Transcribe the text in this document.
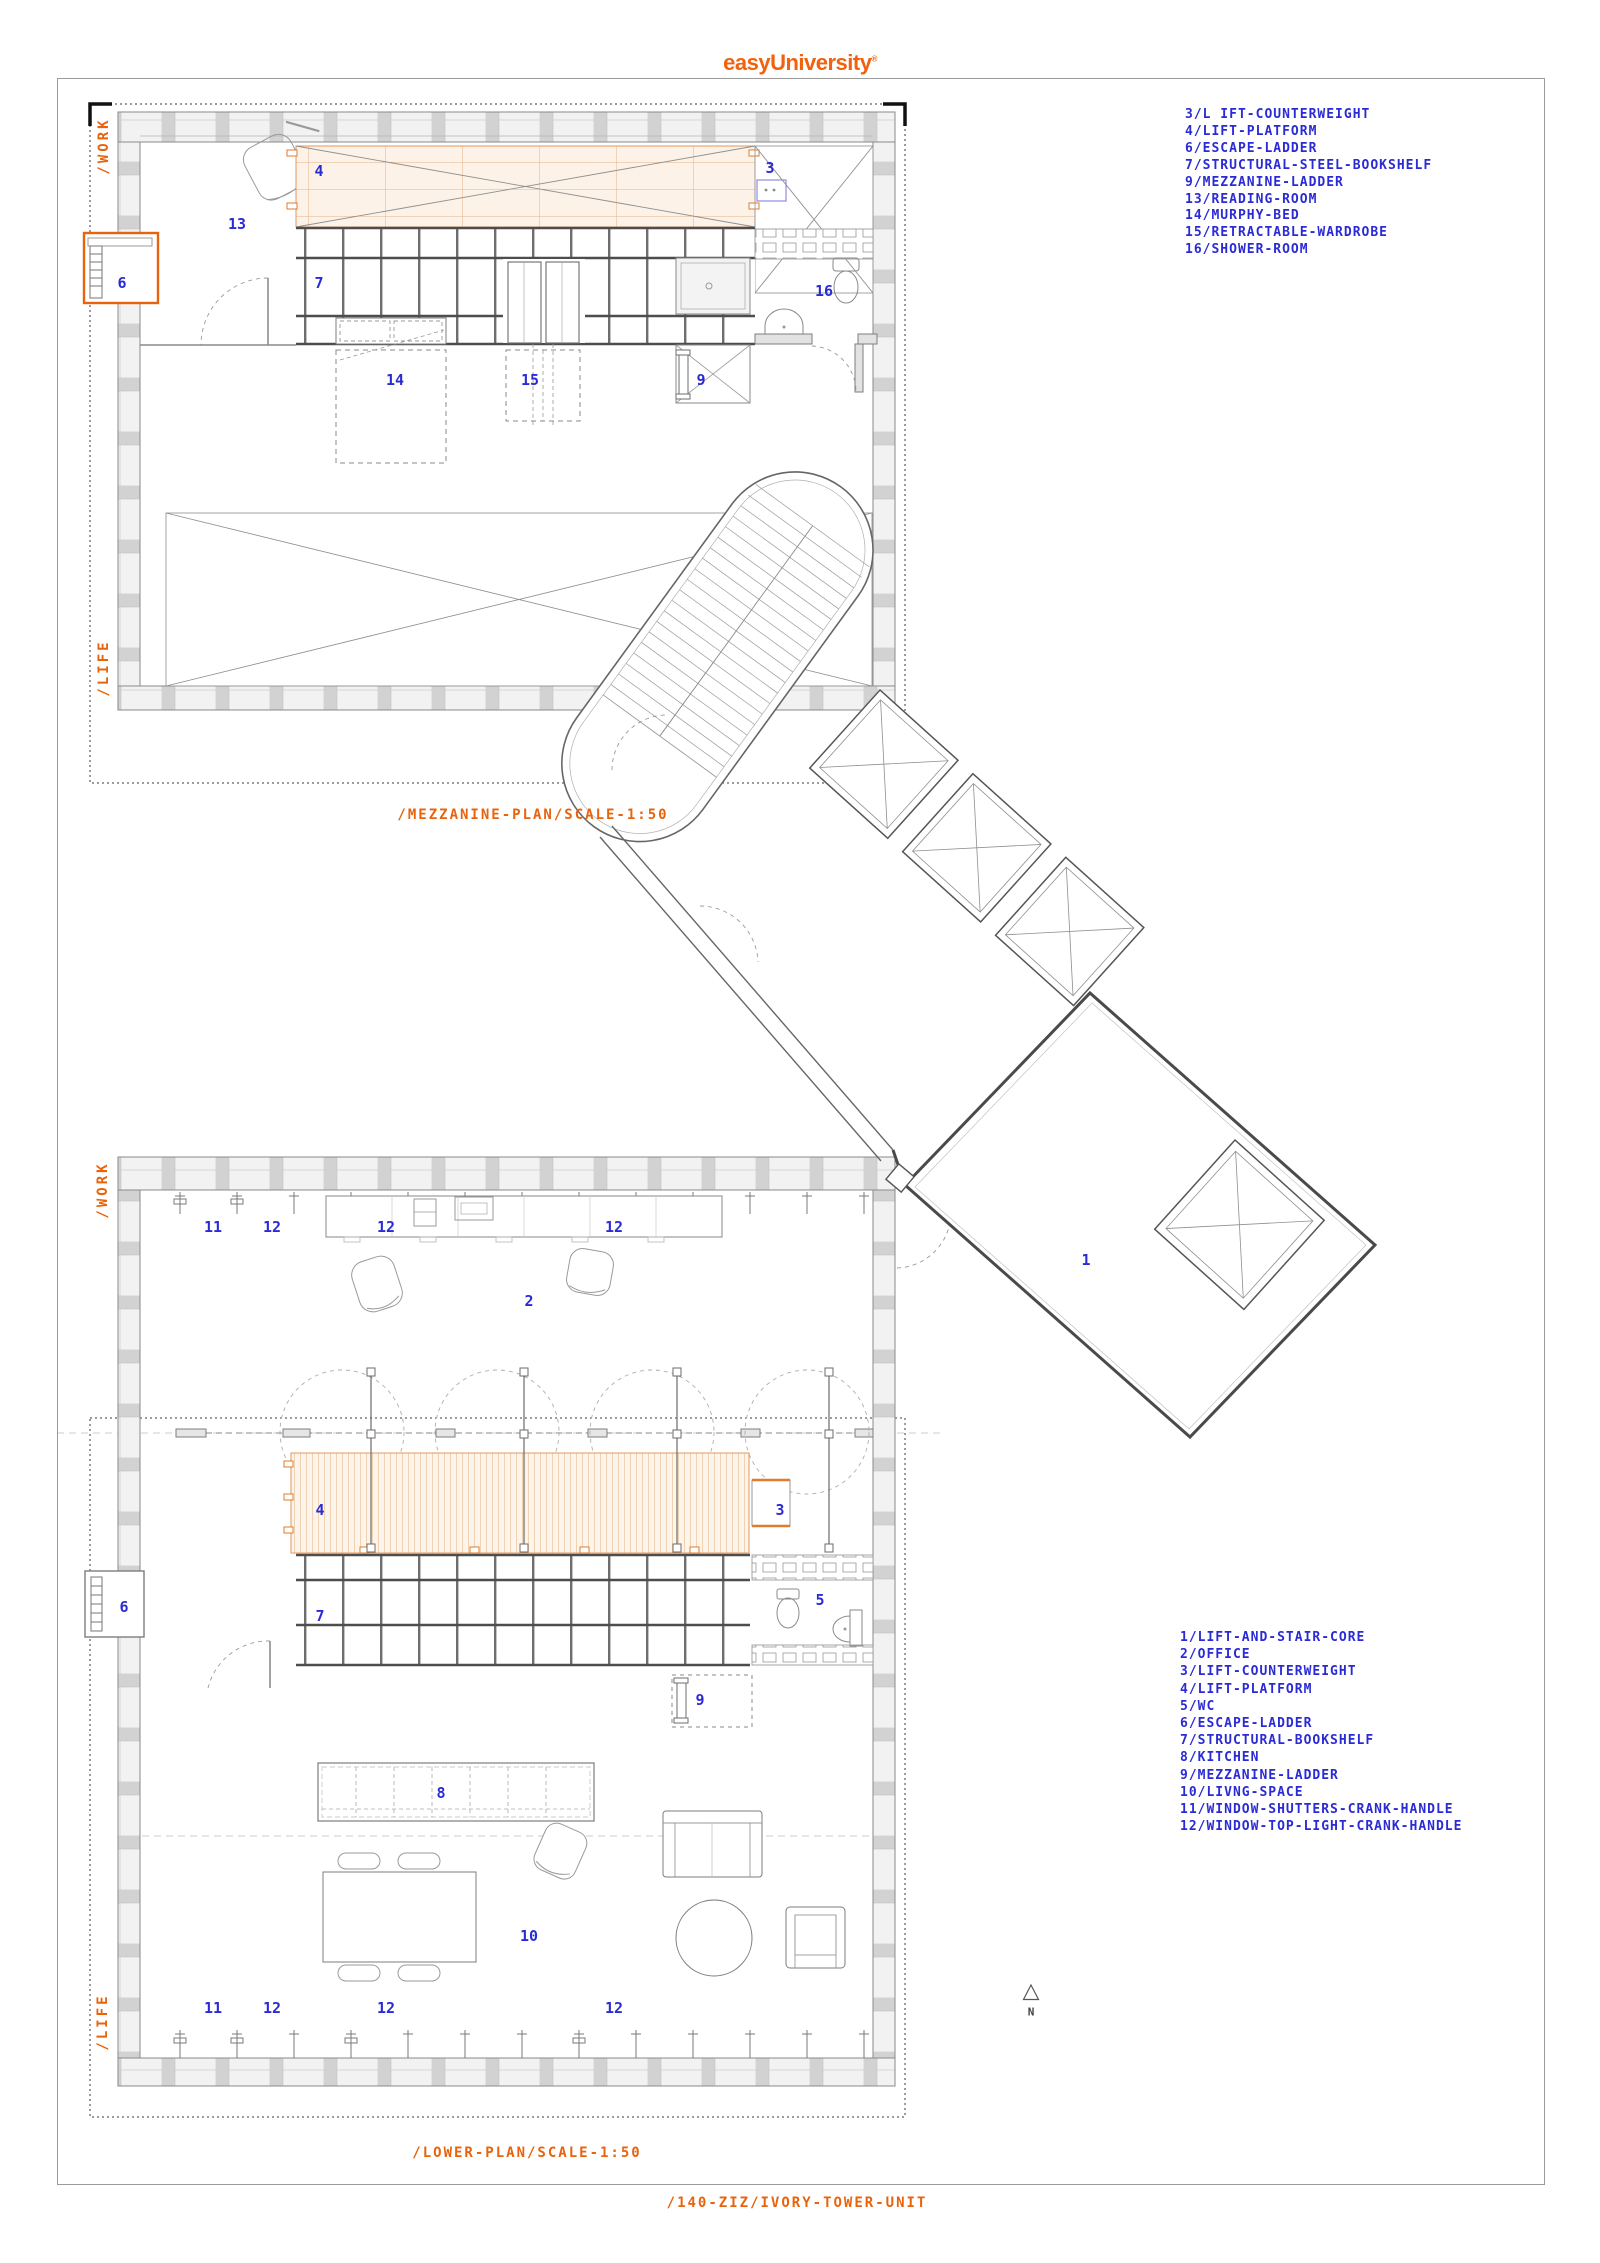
easyUniversity®
3/L IFT-COUNTERWEIGHT
4/LIFT-PLATFORM
6/ESCAPE-LADDER
7/STRUCTURAL-STEEL-BOOKSHELF
9/MEZZANINE-LADDER
13/READING-ROOM
14/MURPHY-BED
15/RETRACTABLE-WARDROBE
16/SHOWER-ROOM
1/LIFT-AND-STAIR-CORE
2/OFFICE
3/LIFT-COUNTERWEIGHT
4/LIFT-PLATFORM
5/WC
6/ESCAPE-LADDER
7/STRUCTURAL-BOOKSHELF
8/KITCHEN
9/MEZZANINE-LADDER
10/LIVNG-SPACE
11/WINDOW-SHUTTERS-CRANK-HANDLE
12/WINDOW-TOP-LIGHT-CRANK-HANDLE
/MEZZANINE-PLAN/SCALE-1:50
/LOWER-PLAN/SCALE-1:50
/140-ZIZ/IVORY-TOWER-UNIT
13
4	3
6	7	16
14	15	9
11	12	12	12
2
1
4	3
6	7
5
9
8
10
11	12	12	12
/WORK
/LIFE
/WORK
/LIFE	N
